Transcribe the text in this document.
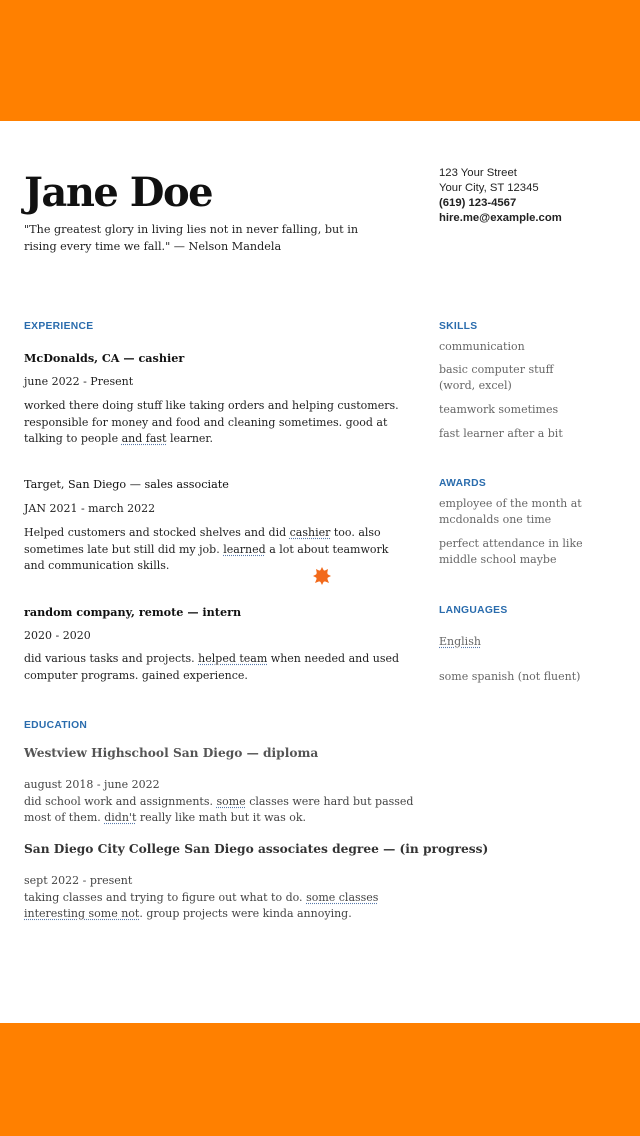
Jane Doe
"The greatest glory in living lies not in never falling, but in rising every time we fall." — Nelson Mandela
123 Your Street
Your City, ST 12345
(619) 123-4567
hire.me@example.com
EXPERIENCE
McDonalds, CA — cashier
june 2022 - Present
worked there doing stuff like taking orders and helping customers. responsible for money and food and cleaning sometimes. good at talking to people and fast learner.
Target, San Diego — sales associate
JAN 2021 - march 2022
Helped customers and stocked shelves and did cashier too. also sometimes late but still did my job. learned a lot about teamwork and communication skills.
random company, remote — intern
2020 - 2020
did various tasks and projects. helped team when needed and used computer programs. gained experience.
EDUCATION
Westview Highschool San Diego — diploma
august 2018 - june 2022
did school work and assignments. some classes were hard but passed most of them. didn't really like math but it was ok.
San Diego City College San Diego associates degree — (in progress)
sept 2022 - present
taking classes and trying to figure out what to do. some classes interesting some not. group projects were kinda annoying.
SKILLS
communication
basic computer stuff (word, excel)
teamwork sometimes
fast learner after a bit
AWARDS
employee of the month at mcdonalds one time
perfect attendance in like middle school maybe
LANGUAGES
English
some spanish (not fluent)
